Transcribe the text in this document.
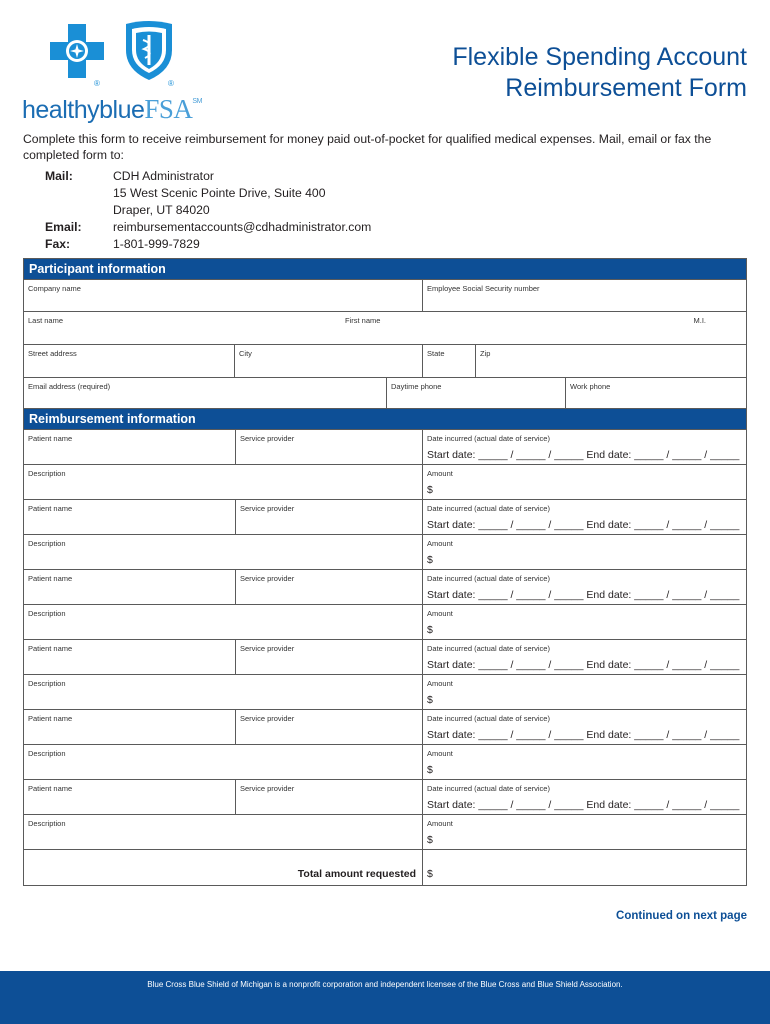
®	®
healthyblueFSA℠
Flexible Spending Account
Reimbursement Form
Complete this form to receive reimbursement for money paid out-of-pocket for qualified medical expenses. Mail, email or fax the completed form to:
Mail:	CDH Administrator
15 West Scenic Pointe Drive, Suite 400
Draper, UT 84020
Email:	reimbursementaccounts@cdhadministrator.com
Fax:	1-801-999-7829
Participant information
Company name	Employee Social Security number
Last name	First name	M.I.
Street address	City	State	Zip
Email address (required)	Daytime phone	Work phone
Reimbursement information
Patient name	Service provider	Date incurred (actual date of service)
Start date: _____ / _____ / _____ End date: _____ / _____ / _____
Description	Amount
$
Patient name	Service provider	Date incurred (actual date of service)
Start date: _____ / _____ / _____ End date: _____ / _____ / _____
Description	Amount
$
Patient name	Service provider	Date incurred (actual date of service)
Start date: _____ / _____ / _____ End date: _____ / _____ / _____
Description	Amount
$
Patient name	Service provider	Date incurred (actual date of service)
Start date: _____ / _____ / _____ End date: _____ / _____ / _____
Description	Amount
$
Patient name	Service provider	Date incurred (actual date of service)
Start date: _____ / _____ / _____ End date: _____ / _____ / _____
Description	Amount
$
Patient name	Service provider	Date incurred (actual date of service)
Start date: _____ / _____ / _____ End date: _____ / _____ / _____
Description	Amount
$
Total amount requested $
Continued on next page
Blue Cross Blue Shield of Michigan is a nonprofit corporation and independent licensee of the Blue Cross and Blue Shield Association.
